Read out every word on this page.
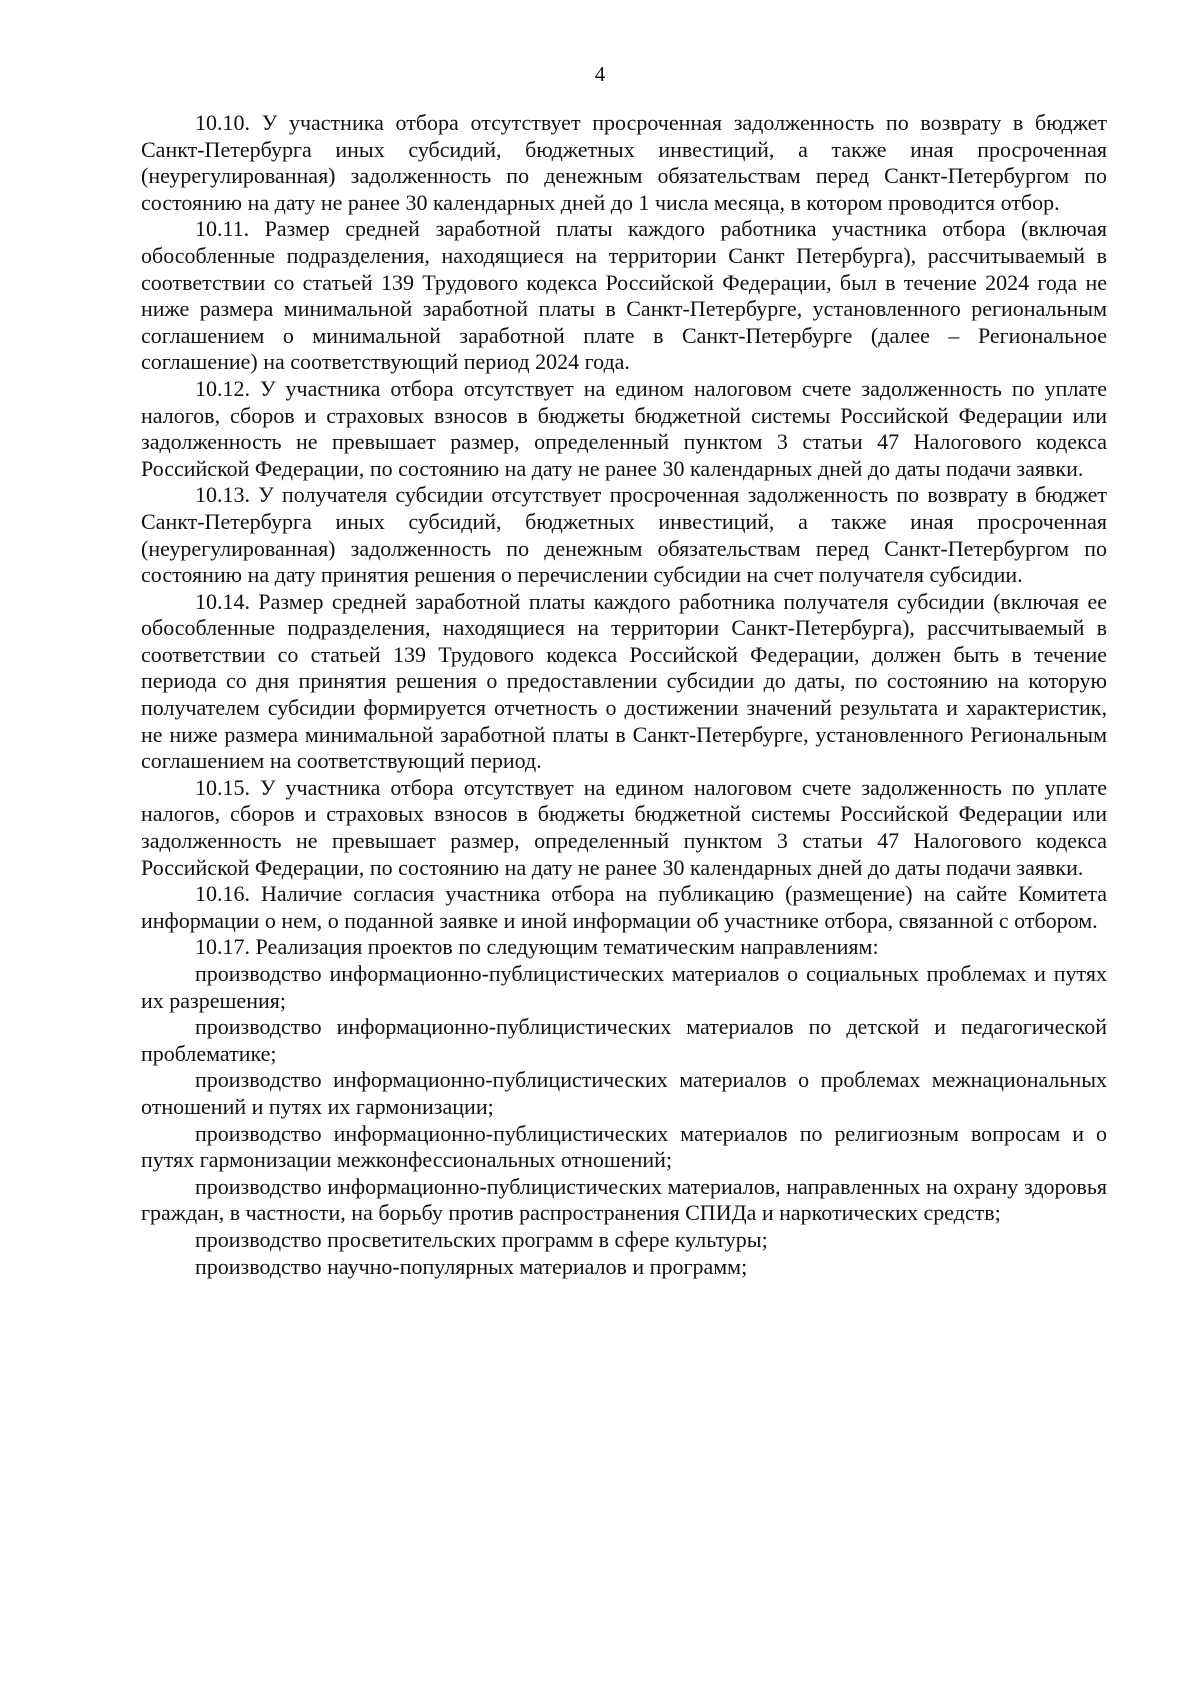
4

10.10. У участника отбора отсутствует просроченная задолженность по возврату в бюджет Санкт-Петербурга иных субсидий, бюджетных инвестиций, а также иная просроченная (неурегулированная) задолженность по денежным обязательствам перед Санкт-Петербургом по состоянию на дату не ранее 30 календарных дней до 1 числа месяца, в котором проводится отбор.

10.11. Размер средней заработной платы каждого работника участника отбора (включая обособленные подразделения, находящиеся на территории Санкт Петербурга), рассчитываемый в соответствии со статьей 139 Трудового кодекса Российской Федерации, был в течение 2024 года не ниже размера минимальной заработной платы в Санкт-Петербурге, установленного региональным соглашением о минимальной заработной плате в Санкт-Петербурге (далее – Региональное соглашение) на соответствующий период 2024 года.

10.12. У участника отбора отсутствует на едином налоговом счете задолженность по уплате налогов, сборов и страховых взносов в бюджеты бюджетной системы Российской Федерации или задолженность не превышает размер, определенный пунктом 3 статьи 47 Налогового кодекса Российской Федерации, по состоянию на дату не ранее 30 календарных дней до даты подачи заявки.

10.13. У получателя субсидии отсутствует просроченная задолженность по возврату в бюджет Санкт-Петербурга иных субсидий, бюджетных инвестиций, а также иная просроченная (неурегулированная) задолженность по денежным обязательствам перед Санкт-Петербургом по состоянию на дату принятия решения о перечислении субсидии на счет получателя субсидии.

10.14. Размер средней заработной платы каждого работника получателя субсидии (включая ее обособленные подразделения, находящиеся на территории Санкт-Петербурга), рассчитываемый в соответствии со статьей 139 Трудового кодекса Российской Федерации, должен быть в течение периода со дня принятия решения о предоставлении субсидии до даты, по состоянию на которую получателем субсидии формируется отчетность о достижении значений результата и характеристик, не ниже размера минимальной заработной платы в Санкт-Петербурге, установленного Региональным соглашением на соответствующий период.

10.15. У участника отбора отсутствует на едином налоговом счете задолженность по уплате налогов, сборов и страховых взносов в бюджеты бюджетной системы Российской Федерации или задолженность не превышает размер, определенный пунктом 3 статьи 47 Налогового кодекса Российской Федерации, по состоянию на дату не ранее 30 календарных дней до даты подачи заявки.

10.16. Наличие согласия участника отбора на публикацию (размещение) на сайте Комитета информации о нем, о поданной заявке и иной информации об участнике отбора, связанной с отбором.

10.17. Реализация проектов по следующим тематическим направлениям:

производство информационно-публицистических материалов о социальных проблемах и путях их разрешения;

производство информационно-публицистических материалов по детской и педагогической проблематике;

производство информационно-публицистических материалов о проблемах межнациональных отношений и путях их гармонизации;

производство информационно-публицистических материалов по религиозным вопросам и о путях гармонизации межконфессиональных отношений;

производство информационно-публицистических материалов, направленных на охрану здоровья граждан, в частности, на борьбу против распространения СПИДа и наркотических средств;

производство просветительских программ в сфере культуры;

производство научно-популярных материалов и программ;
